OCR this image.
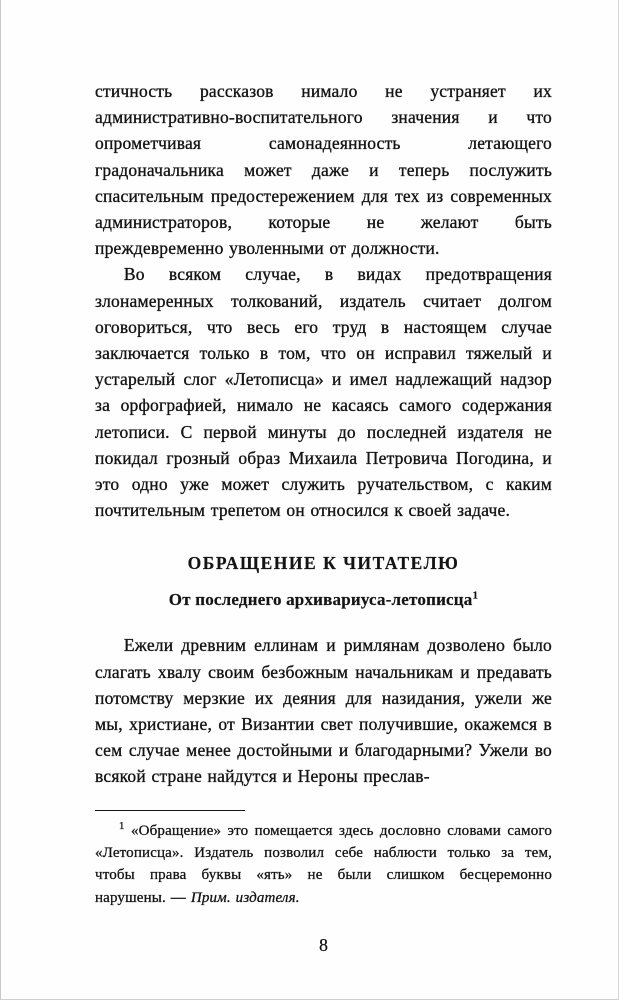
стичность рассказов нимало не устраняет их административно-воспитательного значения и что опрометчивая самонадеянность летающего градоначальника может даже и теперь послужить спасительным предостережением для тех из современных администраторов, которые не желают быть преждевременно уволенными от должности.

Во всяком случае, в видах предотвращения злонамеренных толкований, издатель считает долгом оговориться, что весь его труд в настоящем случае заключается только в том, что он исправил тяжелый и устарелый слог «Летописца» и имел надлежащий надзор за орфографией, нимало не касаясь самого содержания летописи. С первой минуты до последней издателя не покидал грозный образ Михаила Петровича Погодина, и это одно уже может служить ручательством, с каким почтительным трепетом он относился к своей задаче.

ОБРАЩЕНИЕ К ЧИТАТЕЛЮ
От последнего архивариуса-летописца$^1$

Ежели древним еллинам и римлянам дозволено было слагать хвалу своим безбожным начальникам и предавать потомству мерзкие их деяния для назидания, ужели же мы, христиане, от Византии свет получившие, окажемся в сем случае менее достойными и благодарными? Ужели во всякой стране найдутся и Нероны преслав-

$^1$ «Обращение» это помещается здесь дословно словами самого «Летописца». Издатель позволил себе наблюсти только за тем, чтобы права буквы «ять» не были слишком бесцеремонно нарушены. — Прим. издателя.

8
